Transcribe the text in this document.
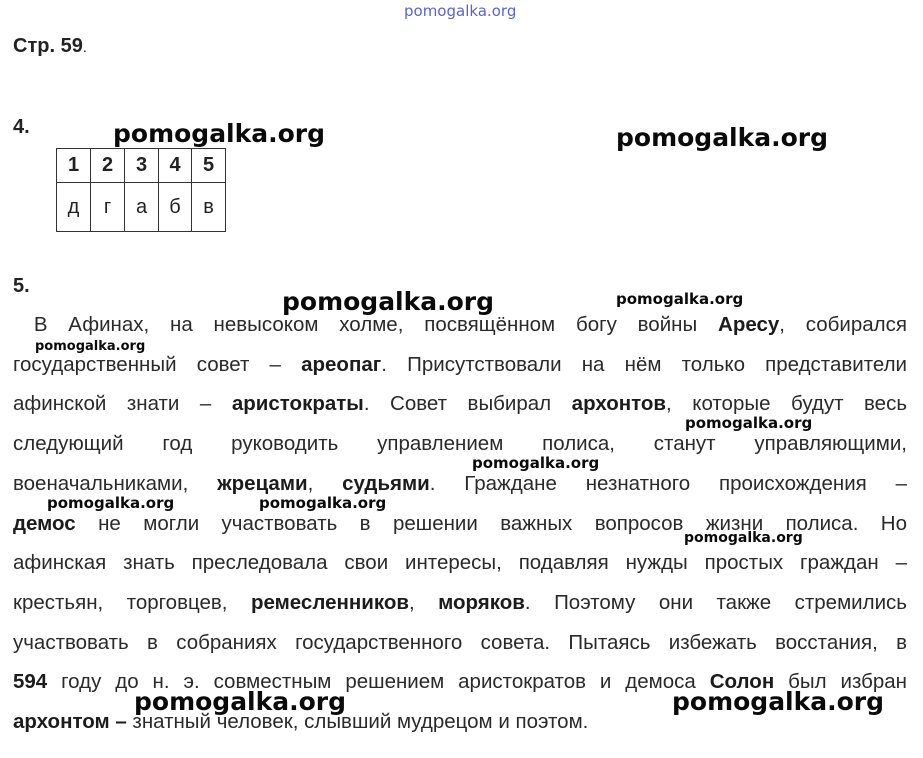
pomogalka.org
Стр. 59.
4.	pomogalka.org	pomogalka.org
1	2	3	4	5
д	г	а	б	в
5.
В Афинах, на невысоком холме, посвящённом богу войны Аресу, собирался
государственный совет – ареопаг. Присутствовали на нём только представители
афинской знати – аристократы. Совет выбирал архонтов, которые будут весь
следующий год руководить управлением полиса, станут управляющими,
военачальниками, жрецами, судьями. Граждане незнатного происхождения –
демос не могли участвовать в решении важных вопросов жизни полиса. Но
афинская знать преследовала свои интересы, подавляя нужды простых граждан –
крестьян, торговцев, ремесленников, моряков. Поэтому они также стремились
участвовать в собраниях государственного совета. Пытаясь избежать восстания, в
594 году до н. э. совместным решением аристократов и демоса Солон был избран
архонтом – знатный человек, слывший мудрецом и поэтом.
pomogalka.org	pomogalka.org
pomogalka.org
pomogalka.org
pomogalka.org
pomogalka.org	pomogalka.org
pomogalka.org
pomogalka.org	pomogalka.org
